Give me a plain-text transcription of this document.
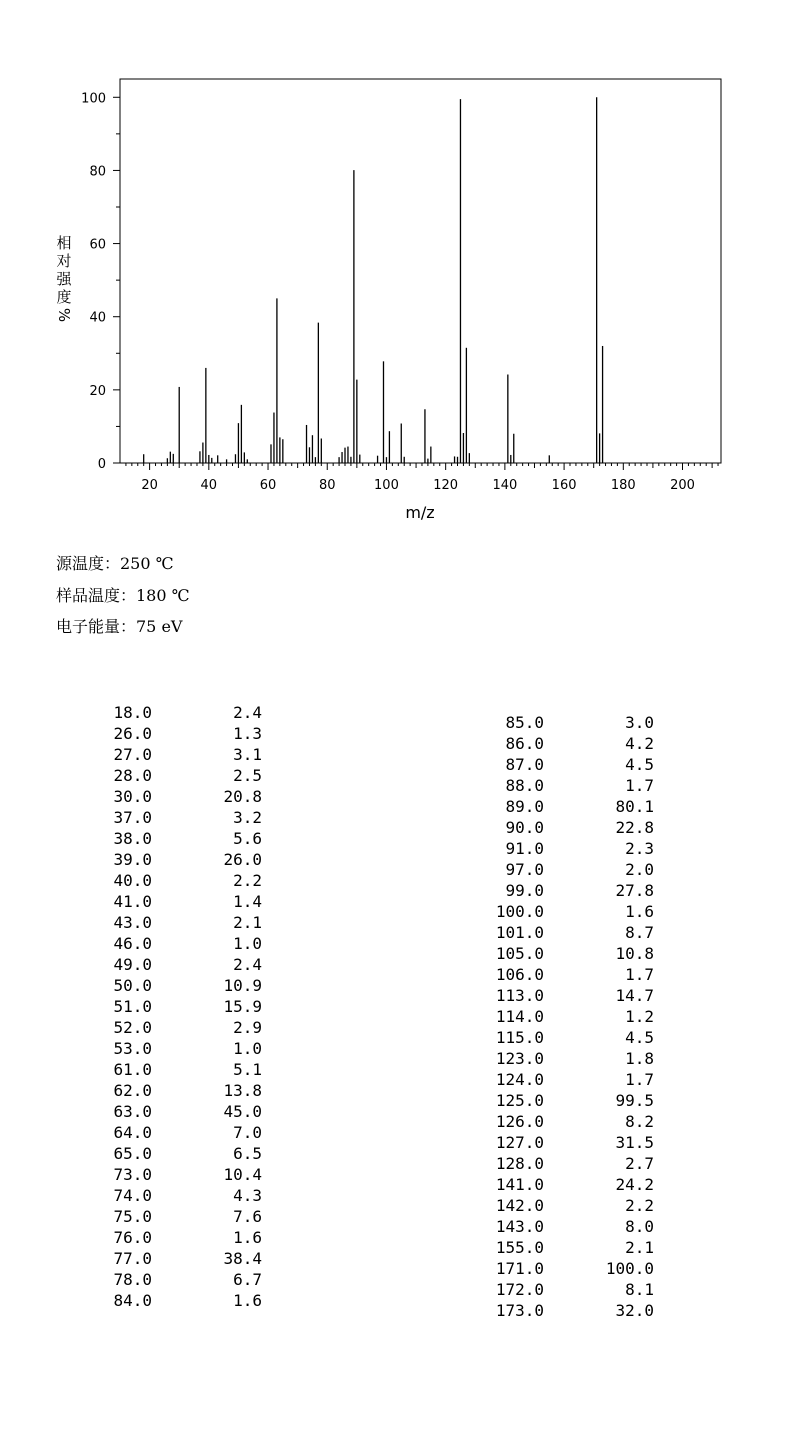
0
20
40
60
80
100
20	40	60	80	100	120	140	160	180	200
m/z
相
对
强
度
%
源温度：250 ℃
样品温度：180 ℃
电子能量：75 eV
18.0	2.4
26.0	1.3
27.0	3.1
28.0	2.5
30.0	20.8
37.0	3.2
38.0	5.6
39.0	26.0
40.0	2.2
41.0	1.4
43.0	2.1
46.0	1.0
49.0	2.4
50.0	10.9
51.0	15.9
52.0	2.9
53.0	1.0
61.0	5.1
62.0	13.8
63.0	45.0
64.0	7.0
65.0	6.5
73.0	10.4
74.0	4.3
75.0	7.6
76.0	1.6
77.0	38.4
78.0	6.7
84.0	1.6
85.0	3.0
86.0	4.2
87.0	4.5
88.0	1.7
89.0	80.1
90.0	22.8
91.0	2.3
97.0	2.0
99.0	27.8
100.0	1.6
101.0	8.7
105.0	10.8
106.0	1.7
113.0	14.7
114.0	1.2
115.0	4.5
123.0	1.8
124.0	1.7
125.0	99.5
126.0	8.2
127.0	31.5
128.0	2.7
141.0	24.2
142.0	2.2
143.0	8.0
155.0	2.1
171.0	100.0
172.0	8.1
173.0	32.0
